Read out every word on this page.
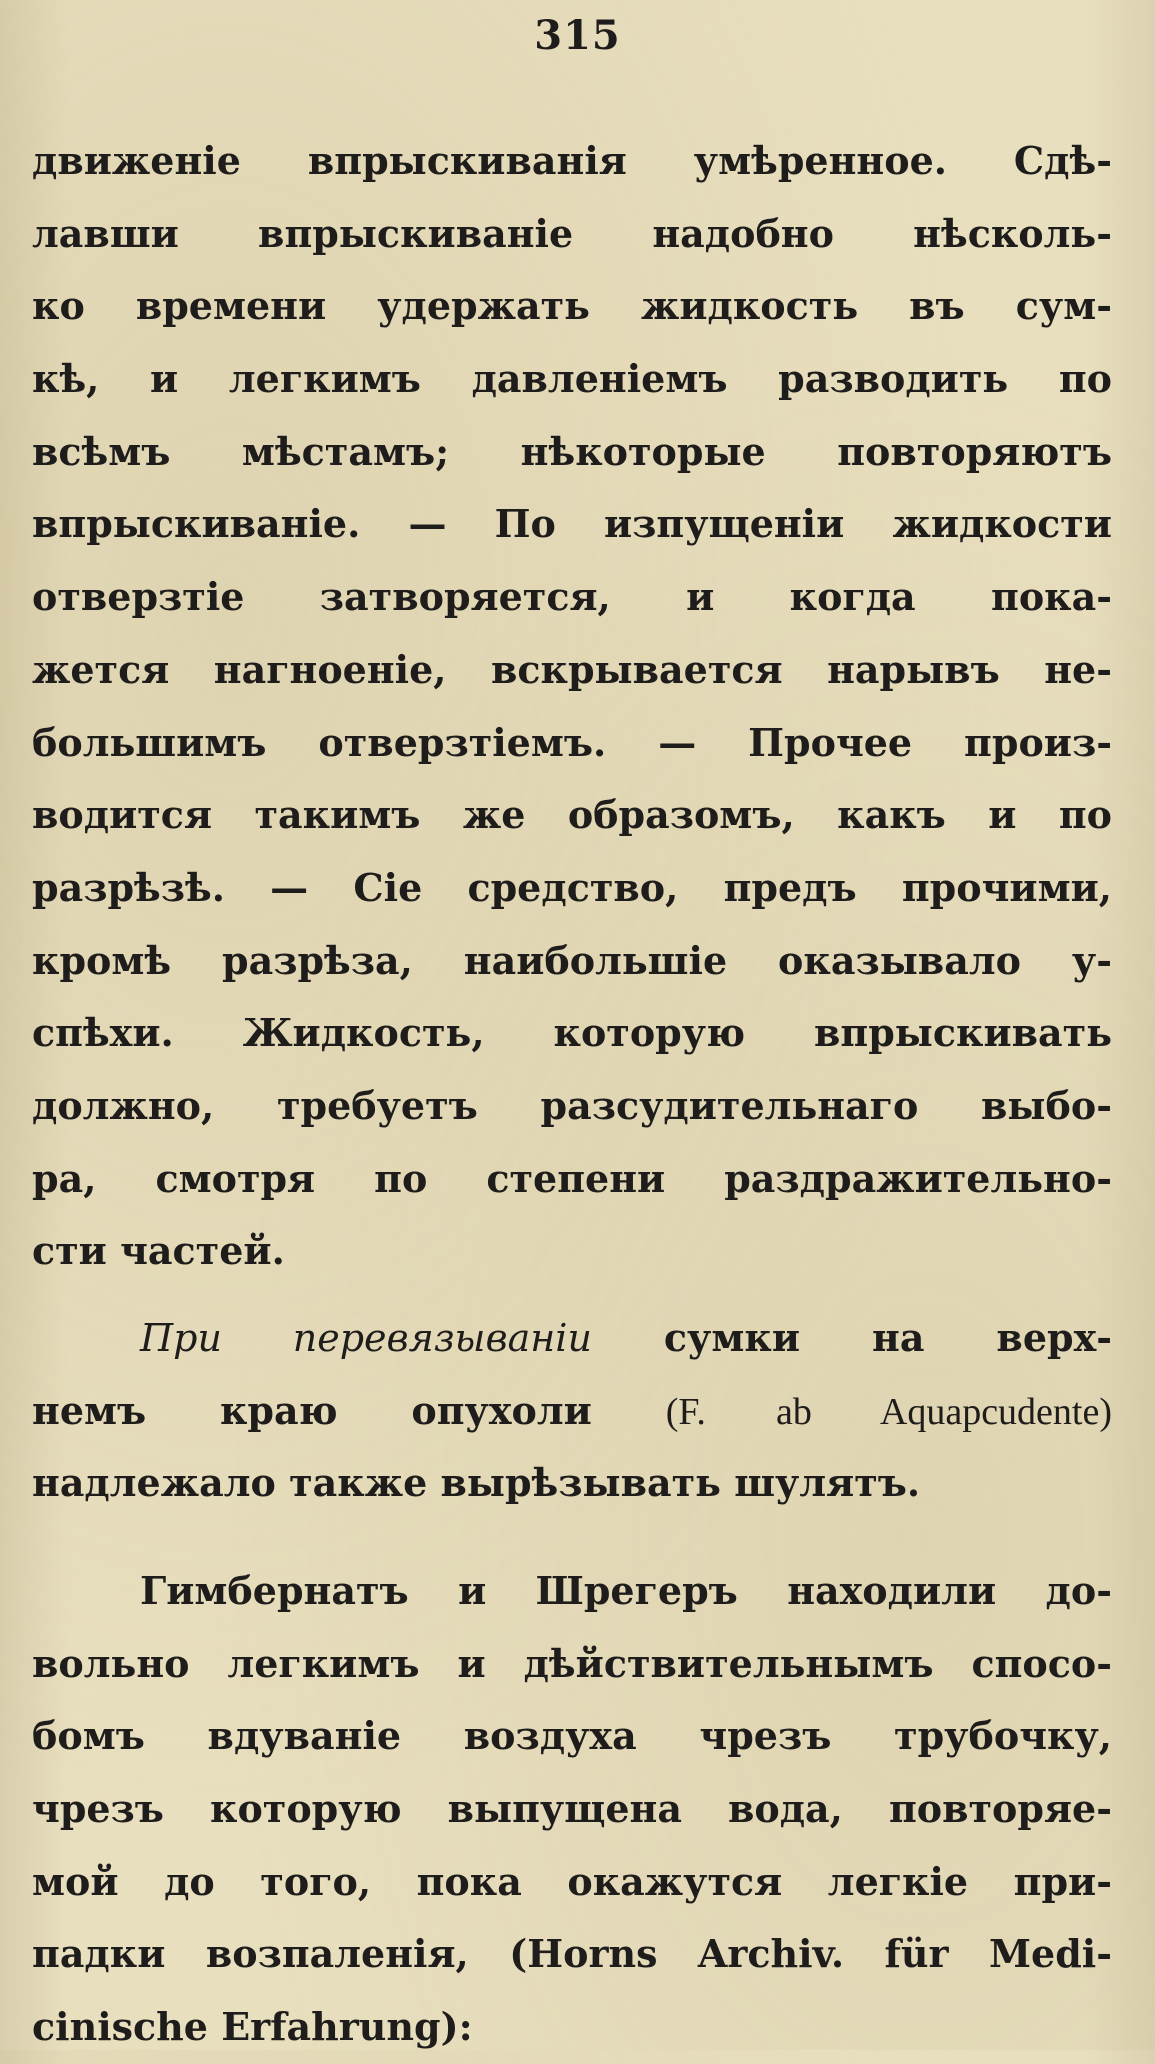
315
движеніе впрыскиванія умѣренное. Сдѣ-
лавши впрыскиваніе надобно нѣсколь-
ко времени удержать жидкость въ сум-
кѣ, и легкимъ давленіемъ разводить по
всѣмъ мѣстамъ; нѣкоторые повторяютъ
впрыскиваніе. — По изпущеніи жидкости
отверзтіе затворяется, и когда пока-
жется нагноеніе, вскрывается нарывъ не-
большимъ отверзтіемъ. — Прочее произ-
водится такимъ же образомъ, какъ и по
разрѣзѣ. — Сіе средство, предъ прочими,
кромѣ разрѣза, наибольшіе оказывало у-
спѣхи. Жидкость, которую впрыскивать
должно, требуетъ разсудительнаго выбо-
ра, смотря по степени раздражительно-
сти частей.
При перевязываніи сумки на верх-
немъ краю опухоли (F. ab Aquapcudente)
надлежало также вырѣзывать шулятъ.
Гимбернатъ и Шрегеръ находили до-
вольно легкимъ и дѣйствительнымъ спосо-
бомъ вдуваніе воздуха чрезъ трубочку,
чрезъ которую выпущена вода, повторяе-
мой до того, пока окажутся легкіе при-
падки возпаленія, (Horns Archiv. für Medi-
cinische Erfahrung):
